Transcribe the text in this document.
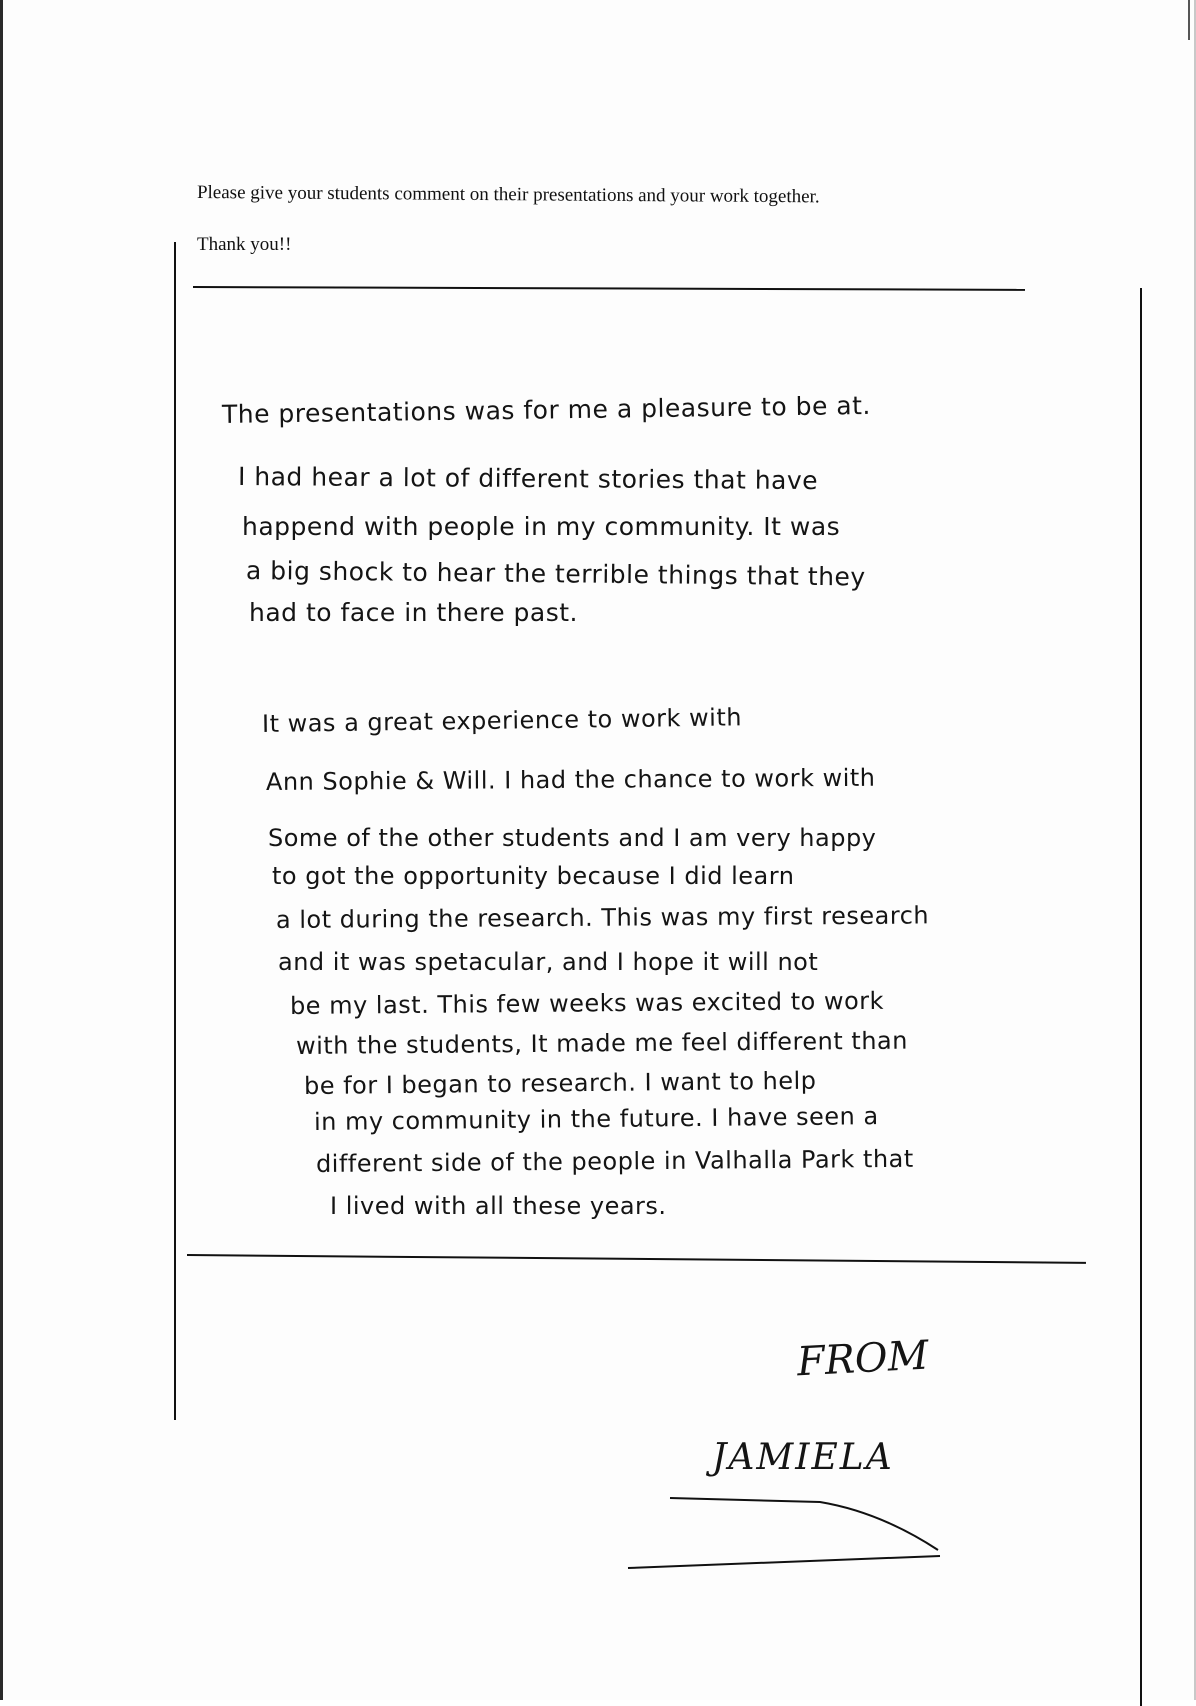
Please give your students comment on their presentations and your work together.
Thank you!!
The presentations was for me a pleasure to be at.
I had hear a lot of different stories that have
happend with people in my community. It was
a big shock to hear the terrible things that they
had to face in there past.
It was a great experience to work with
Ann Sophie & Will. I had the chance to work with
Some of the other students and I am very happy
to got the opportunity because I did learn
a lot during the research. This was my first research
and it was spetacular, and I hope it will not
be my last. This few weeks was excited to work
with the students, It made me feel different than
be for I began to research. I want to help
in my community in the future. I have seen a
different side of the people in Valhalla Park that
I lived with all these years.
FROM
JAMIELA
